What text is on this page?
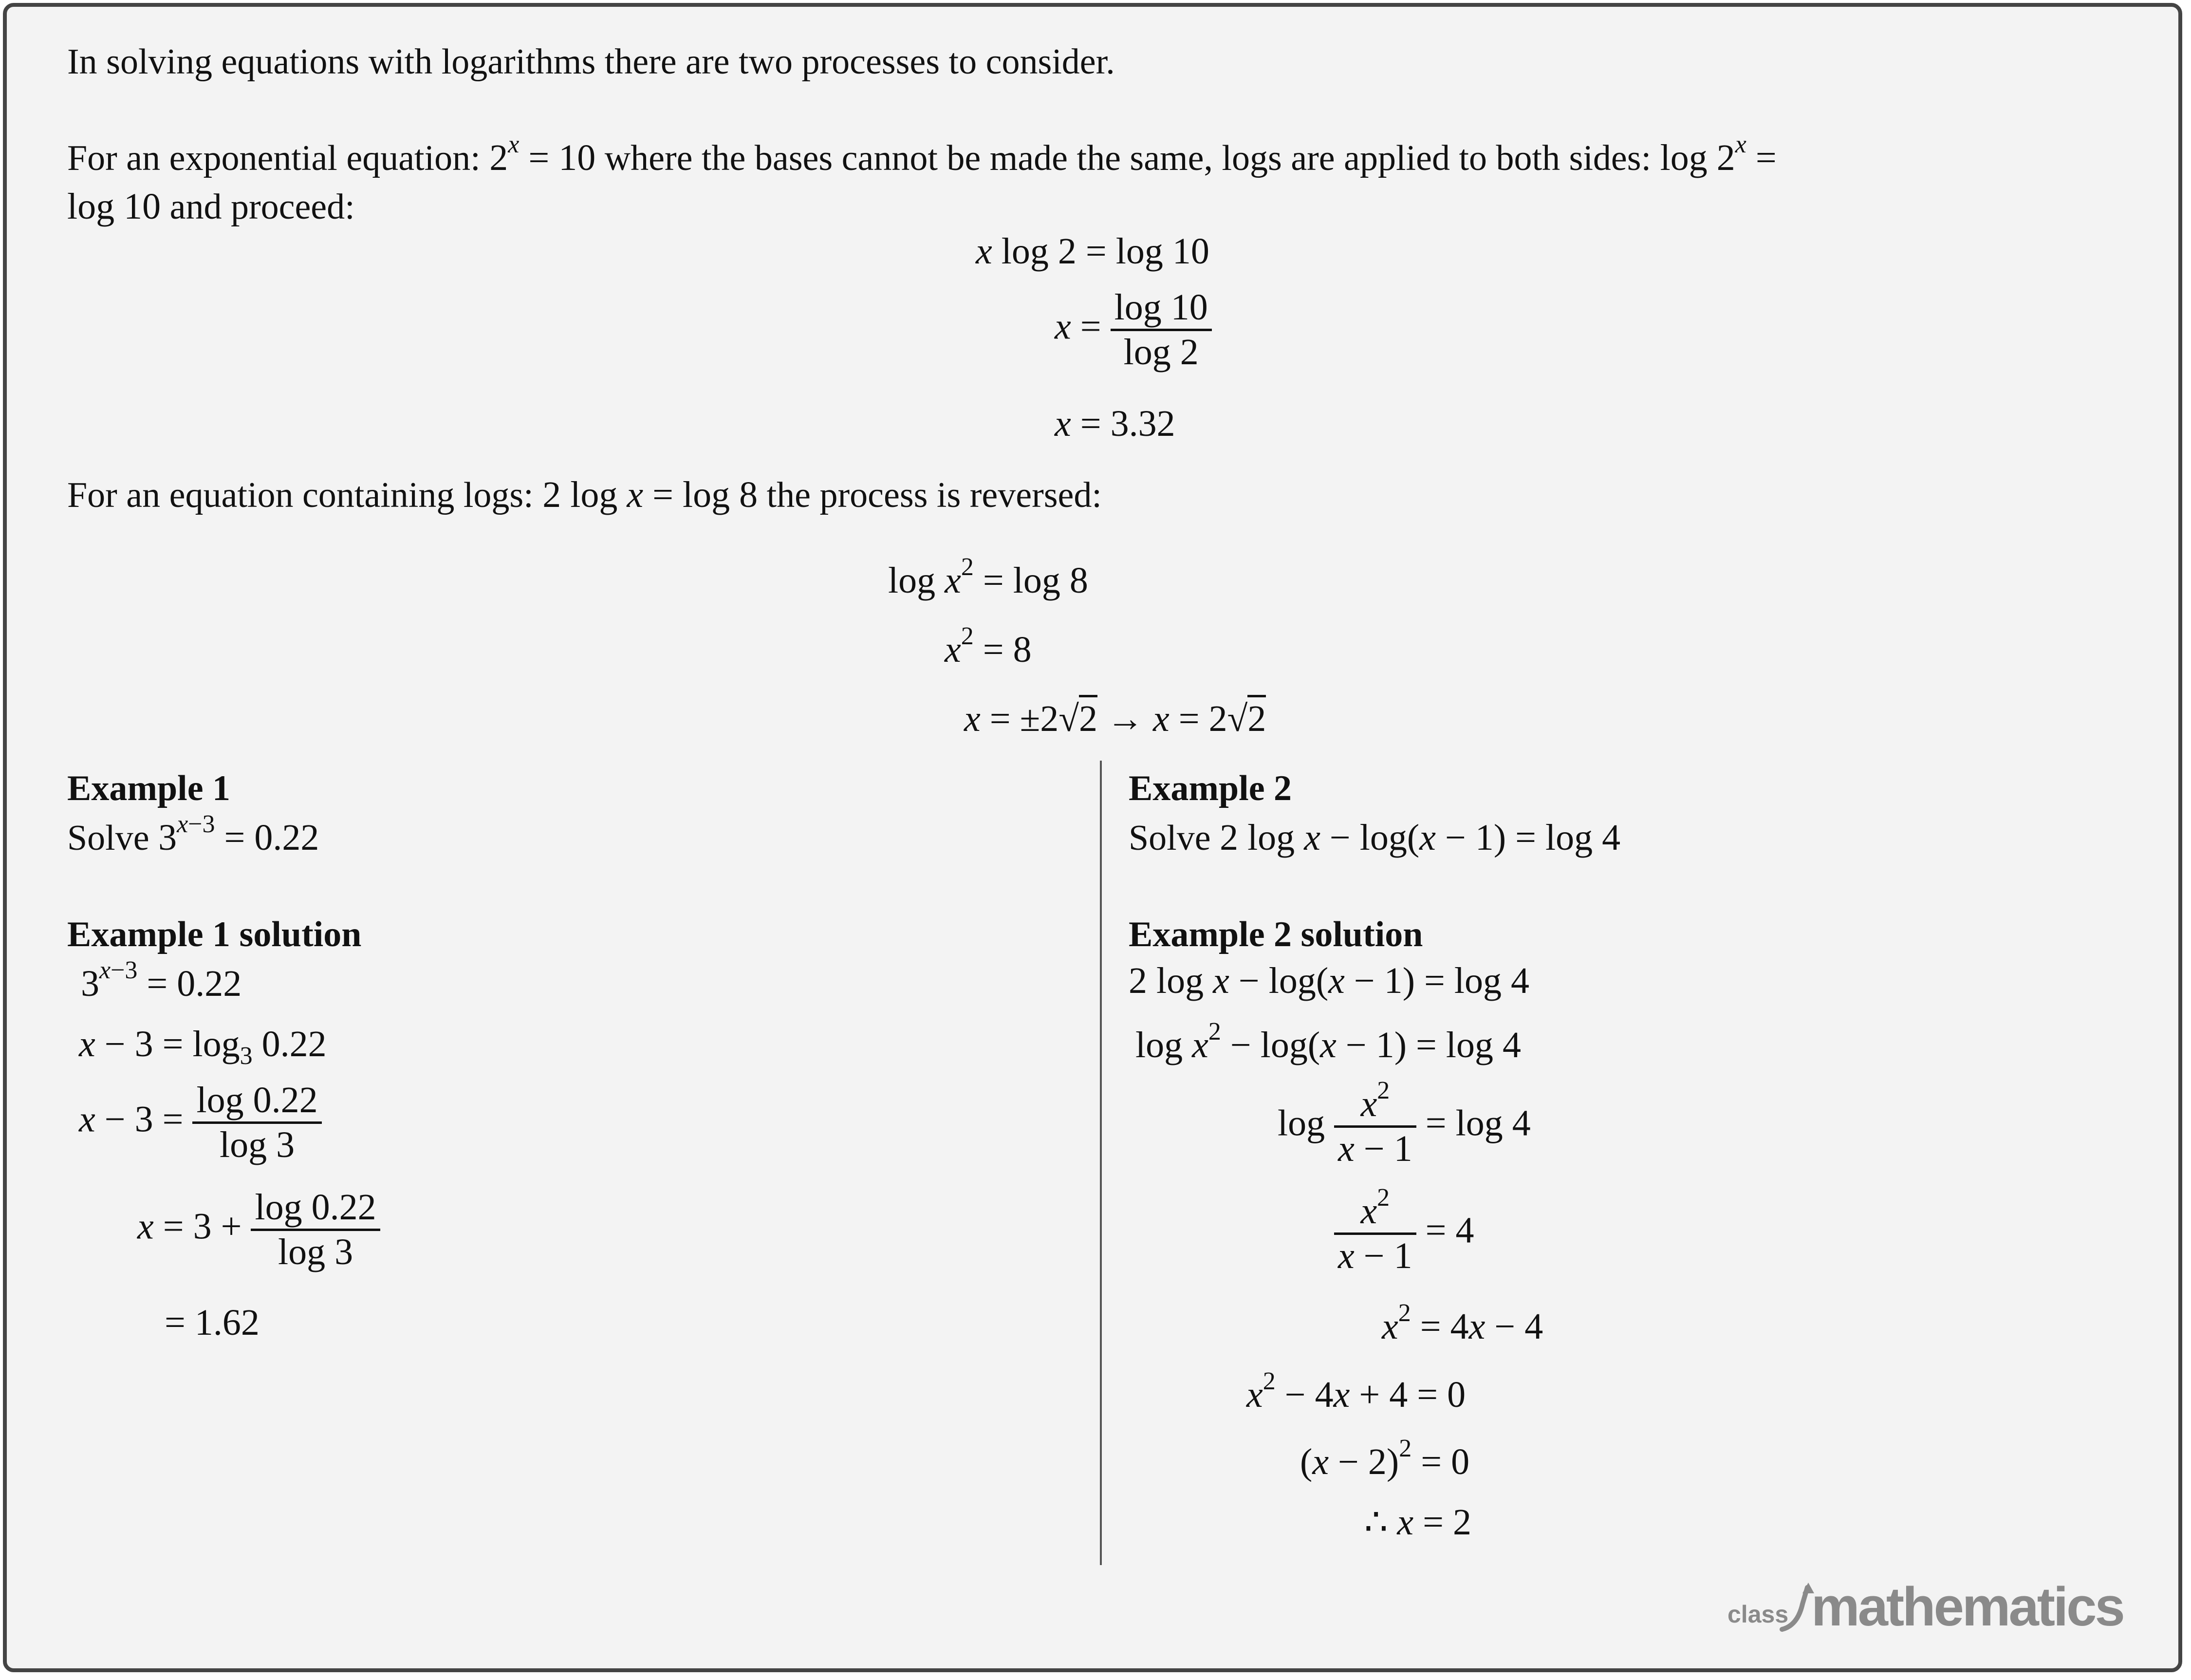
In solving equations with logarithms there are two processes to consider.
For an exponential equation: $2^x = 10$ where the bases cannot be made the same, logs are applied to both sides: $\log 2^x$ =
log 10 and proceed:
x log 2 = log 10
$x = \frac{\log 10}{\log 2}$
x = 3.32
For an equation containing logs: 2 log x = log 8 the process is reversed:
$\log x^2 = \log 8$
$x^2 = 8$
x = ±2√2 → x = 2√2
Example 1
Solve $3^{x-3} = 0.22$
Example 1 solution
$3^{x-3} = 0.22$
$x - 3 = \log_3 0.22$
$x - 3 = \frac{\log 0.22}{\log 3}$
$x = 3 + \frac{\log 0.22}{\log 3}$
= 1.62
Example 2
Solve 2 log x − log(x − 1) = log 4
Example 2 solution
2 log x − log(x − 1) = log 4
$\log x^2 - \log(x - 1) = \log 4$
$\log \frac{x^2}{x - 1} = \log 4$
$\frac{x^2}{x - 1} = 4$
$x^2 = 4x - 4$
$x^2 - 4x + 4 = 0$
$(x - 2)^2 = 0$
∴ x = 2
class mathematics
